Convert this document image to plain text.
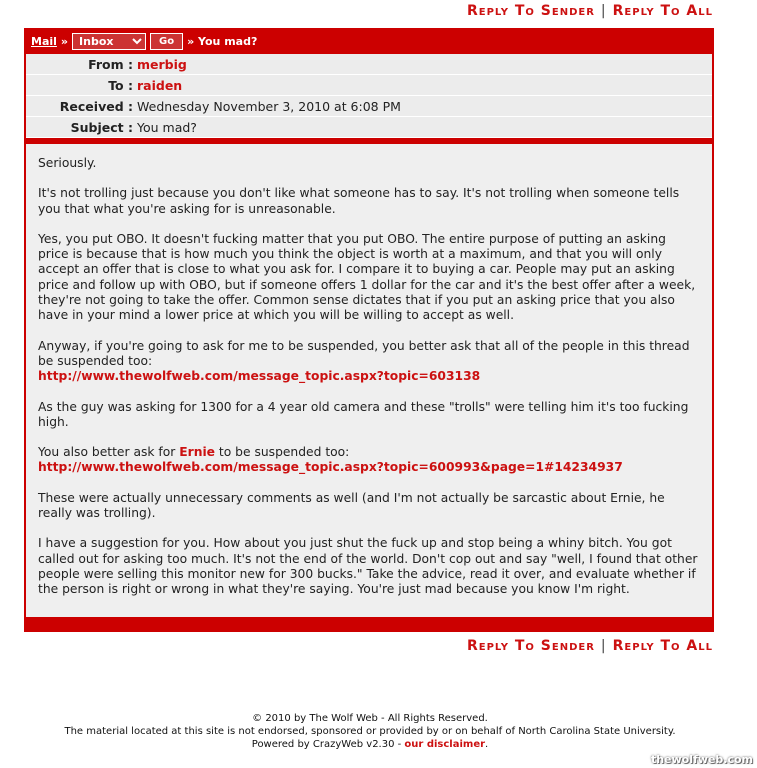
Reply To Sender | Reply To All
Mail »
Inbox	Go	» You mad?
From : merbig
To : raiden
Received : Wednesday November 3, 2010 at 6:08 PM
Subject : You mad?

Seriously.

It's not trolling just because you don't like what someone has to say. It's not trolling when someone tells you that what you're asking for is unreasonable.

Yes, you put OBO. It doesn't fucking matter that you put OBO. The entire purpose of putting an asking price is because that is how much you think the object is worth at a maximum, and that you will only accept an offer that is close to what you ask for. I compare it to buying a car. People may put an asking price and follow up with OBO, but if someone offers 1 dollar for the car and it's the best offer after a week, they're not going to take the offer. Common sense dictates that if you put an asking price that you also have in your mind a lower price at which you will be willing to accept as well.

Anyway, if you're going to ask for me to be suspended, you better ask that all of the people in this thread be suspended too:
http://www.thewolfweb.com/message_topic.aspx?topic=603138

As the guy was asking for 1300 for a 4 year old camera and these "trolls" were telling him it's too fucking high.

You also better ask for Ernie to be suspended too:
http://www.thewolfweb.com/message_topic.aspx?topic=600993&page=1#14234937

These were actually unnecessary comments as well (and I'm not actually be sarcastic about Ernie, he really was trolling).

I have a suggestion for you. How about you just shut the fuck up and stop being a whiny bitch. You got called out for asking too much. It's not the end of the world. Don't cop out and say "well, I found that other people were selling this monitor new for 300 bucks." Take the advice, read it over, and evaluate whether if the person is right or wrong in what they're saying. You're just mad because you know I'm right.

Reply To Sender | Reply To All
© 2010 by The Wolf Web - All Rights Reserved.
The material located at this site is not endorsed, sponsored or provided by or on behalf of North Carolina State University.
Powered by CrazyWeb v2.30 - our disclaimer.
thewolfweb.com
